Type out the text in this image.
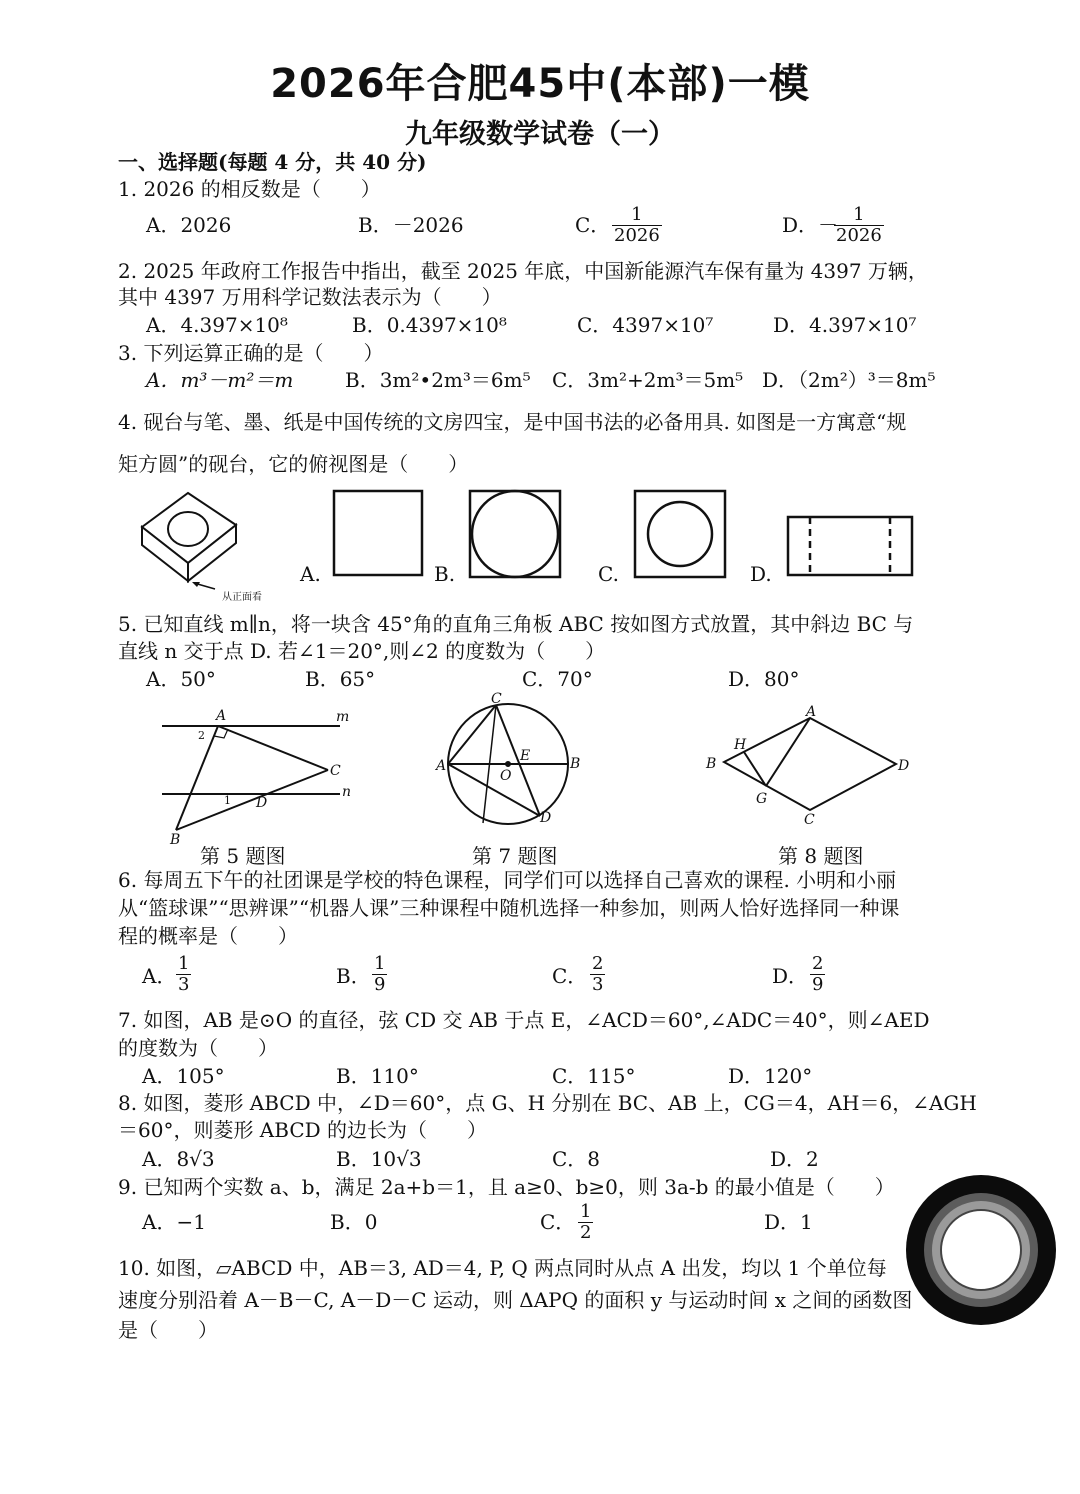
2026年合肥45中(本部)一模
九年级数学试卷（一）
一、选择题(每题 4 分，共 40 分)
1. 2026 的相反数是（　　）
A．2026	B．－2026	C． $\frac{1}{2026}$	D．－
$\frac{1}{2026}$
2. 2025 年政府工作报告中指出，截至 2025 年底，中国新能源汽车保有量为 4397 万辆，
其中 4397 万用科学记数法表示为（　　）
A．4.397×10⁸	B．0.4397×10⁸	C．4397×10⁷	D．4.397×10⁷
3. 下列运算正确的是（　　）
A．m³－m²＝m	B．3m²•2m³＝6m⁵ C．3m²+2m³＝5m⁵ D．（2m²）³＝8m⁵
4. 砚台与笔、墨、纸是中国传统的文房四宝，是中国书法的必备用具. 如图是一方寓意“规
矩方圆”的砚台，它的俯视图是（　　）
从正面看
A.	B.	C.	D.
5. 已知直线 m∥n，将一块含 45°角的直角三角板 ABC 按如图方式放置，其中斜边 BC 与
直线 n 交于点 D. 若∠1＝20°,则∠2 的度数为（　　）
A．50°	B．65°	C．70°	D．80°
A
B
C
D
m
n
1
2
C
A	B
D
E
O
A
B
C
D
G
H
第 5 题图	第 7 题图	第 8 题图
6. 每周五下午的社团课是学校的特色课程，同学们可以选择自己喜欢的课程. 小明和小丽
从“篮球课”“思辨课”“机器人课”三种课程中随机选择一种参加，则两人恰好选择同一种课
程的概率是（　　）
A． $\frac{1}{3}$	B． $\frac{1}{9}$	C． $\frac{2}{3}$	D． $\frac{2}{9}$
7. 如图，AB 是⊙O 的直径，弦 CD 交 AB 于点 E，∠ACD＝60°,∠ADC＝40°，则∠AED
的度数为（　　）
A．105°	B．110°	C．115°	D．120°
8. 如图，菱形 ABCD 中，∠D＝60°，点 G、H 分别在 BC、AB 上，CG＝4，AH＝6，∠AGH
＝60°，则菱形 ABCD 的边长为（　　）
A．8√3	B．10√3	C．8	D．2
9. 已知两个实数 a、b，满足 2a+b＝1，且 a≥0、b≥0，则 3a-b 的最小值是（　　）
A．−1	B．0	C． $\frac{1}{2}$	D．1
10. 如图，▱ABCD 中，AB＝3, AD＝4, P, Q 两点同时从点 A 出发，均以 1 个单位每
速度分别沿着 A－B－C, A－D－C 运动，则 ΔAPQ 的面积 y 与运动时间 x 之间的函数图
是（　　）
